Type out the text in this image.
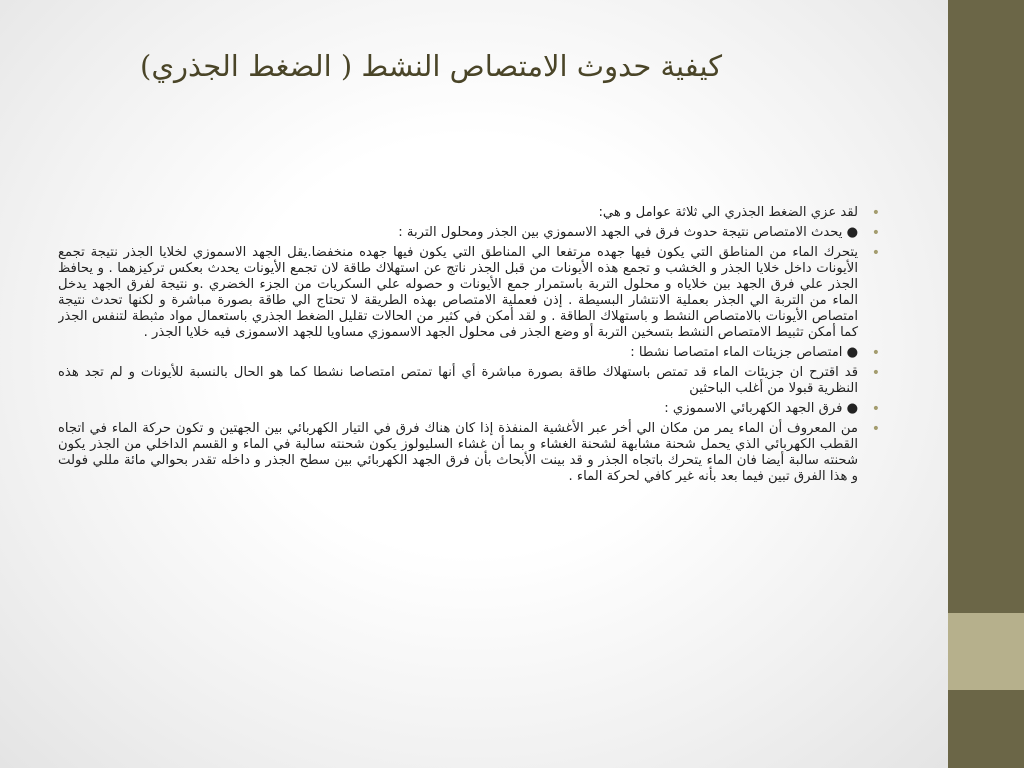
كيفية حدوث الامتصاص النشط ( الضغط الجذري)
• لقد عزي الضغط الجذري الي ثلاثة عوامل و هي:
• ●يحدث الامتصاص نتيجة حدوث فرق في الجهد الاسموزي بين الجذر ومحلول التربة :
• يتحرك الماء من المناطق التي يكون فيها جهده مرتفعا الي المناطق التي يكون فيها جهده منخفضا.يقل الجهد الاسموزي لخلايا الجذر نتيجة تجمع الأيونات داخل خلايا الجذر و الخشب و تجمع هذه الأيونات من قبل الجذر ناتج عن استهلاك طاقة لان تجمع الأيونات يحدث بعكس تركيزهما . و يحافظ الجذر علي فرق الجهد بين خلاياه و محلول التربة باستمرار جمع الأيونات و حصوله علي السكريات من الجزء الخضري .و نتيجة لفرق الجهد يدخل الماء من التربة الي الجذر بعملية الانتشار البسيطة . إذن فعملية الامتصاص بهذه الطريقة لا تحتاج الي طاقة بصورة مباشرة و لكنها تحدث نتيجة امتصاص الأيونات بالامتصاص النشط و باستهلاك الطاقة . و لقد أمكن في كثير من الحالات تقليل الضغط الجذري باستعمال مواد مثبطة لتنفس الجذر كما أمكن تثبيط الامتصاص النشط بتسخين التربة أو وضع الجذر فى محلول الجهد الاسموزي مساويا للجهد الاسموزى فيه خلايا الجذر .
• ●امتصاص جزيئات الماء امتصاصا نشطا :
• قد اقترح ان جزيئات الماء قد تمتص باستهلاك طاقة بصورة مباشرة أي أنها تمتص امتصاصا نشطا كما هو الحال بالنسبة للأيونات و لم تجد هذه النظرية قبولا من أغلب الباحثين
• ●فرق الجهد الكهربائي الاسموزي :
• من المعروف أن الماء يمر من مكان الي أخر عبر الأغشية المنفذة إذا كان هناك فرق في التيار الكهربائي بين الجهتين و تكون حركة الماء في اتجاه القطب الكهربائي الذي يحمل شحنة مشابهة لشحنة الغشاء و بما أن غشاء السليولوز يكون شحنته سالبة في الماء و القسم الداخلي من الجذر يكون شحنته سالبة أيضا فان الماء يتحرك باتجاه الجذر و قد بينت الأبحاث بأن فرق الجهد الكهربائي بين سطح الجذر و داخله تقدر بحوالي مائة مللي فولت و هذا الفرق تبين فيما بعد بأنه غير كافي لحركة الماء .
